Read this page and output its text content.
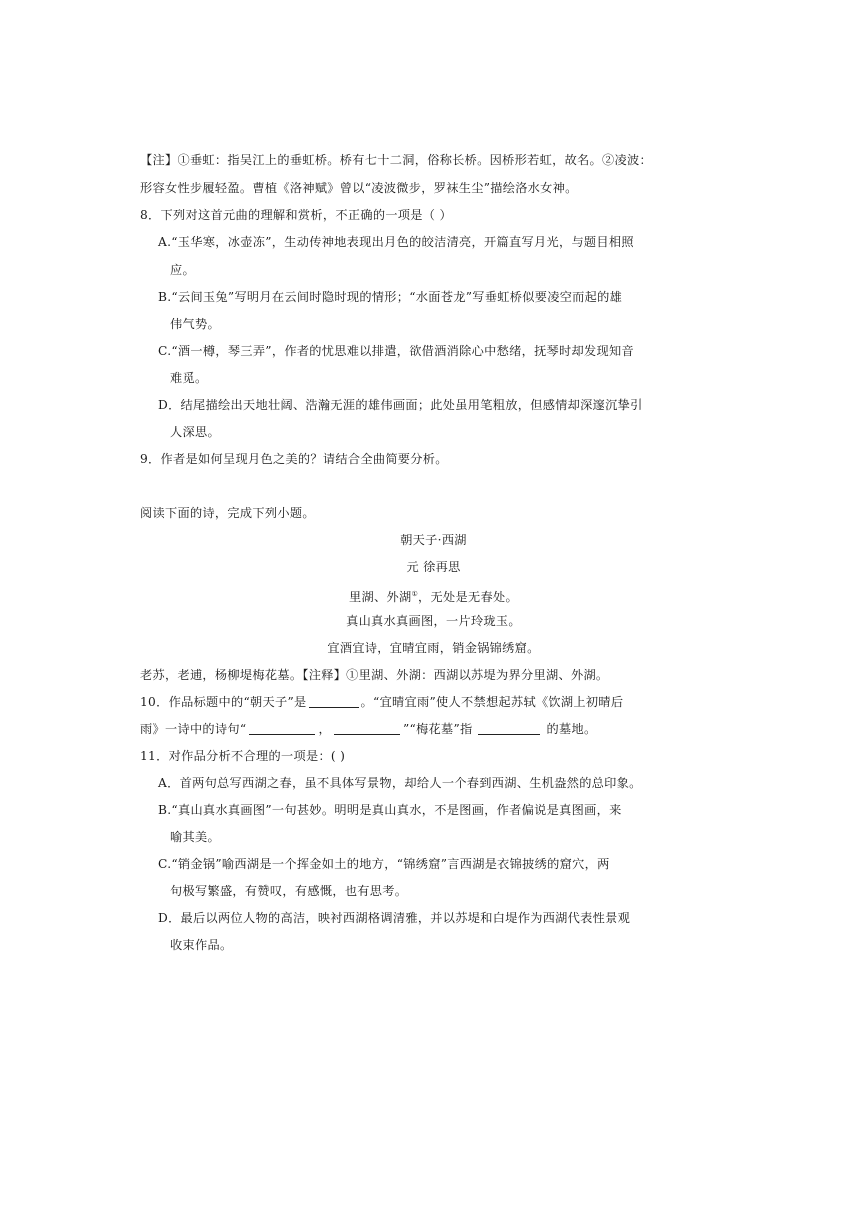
【注】①垂虹：指吴江上的垂虹桥。桥有七十二洞，俗称长桥。因桥形若虹，故名。②凌波：
形容女性步履轻盈。曹植《洛神赋》曾以“凌波微步，罗袜生尘”描绘洛水女神。
8．下列对这首元曲的理解和赏析，不正确的一项是（ ）
A.“玉华寒，冰壶冻”，生动传神地表现出月色的皎洁清亮，开篇直写月光，与题目相照
应。
B.“云间玉兔”写明月在云间时隐时现的情形；“水面苍龙”写垂虹桥似要凌空而起的雄
伟气势。
C.“酒一樽，琴三弄”，作者的忧思难以排遣，欲借酒消除心中愁绪，抚琴时却发现知音
难觅。
D．结尾描绘出天地壮阔、浩瀚无涯的雄伟画面；此处虽用笔粗放，但感情却深邃沉挚引
人深思。
9．作者是如何呈现月色之美的？请结合全曲简要分析。
阅读下面的诗，完成下列小题。
朝天子·西湖
元 徐再思
里湖、外湖①，无处是无春处。
真山真水真画图，一片玲珑玉。
宜酒宜诗，宜晴宜雨，销金锅锦绣窟。
老苏，老逋，杨柳堤梅花墓。【注释】①里湖、外湖：西湖以苏堤为界分里湖、外湖。
10．作品标题中的“朝天子”是	。“宜晴宜雨”使人不禁想起苏轼《饮湖上初晴后
雨》一诗中的诗句“	，	”“梅花墓”指	的墓地。
11．对作品分析不合理的一项是：( )
A．首两句总写西湖之春，虽不具体写景物，却给人一个春到西湖、生机盎然的总印象。
B.“真山真水真画图”一句甚妙。明明是真山真水，不是图画，作者偏说是真图画，来
喻其美。
C.“销金锅”喻西湖是一个挥金如土的地方，“锦绣窟”言西湖是衣锦披绣的窟穴，两
句极写繁盛，有赞叹，有感慨，也有思考。
D．最后以两位人物的高洁，映衬西湖格调清雅，并以苏堤和白堤作为西湖代表性景观
收束作品。
